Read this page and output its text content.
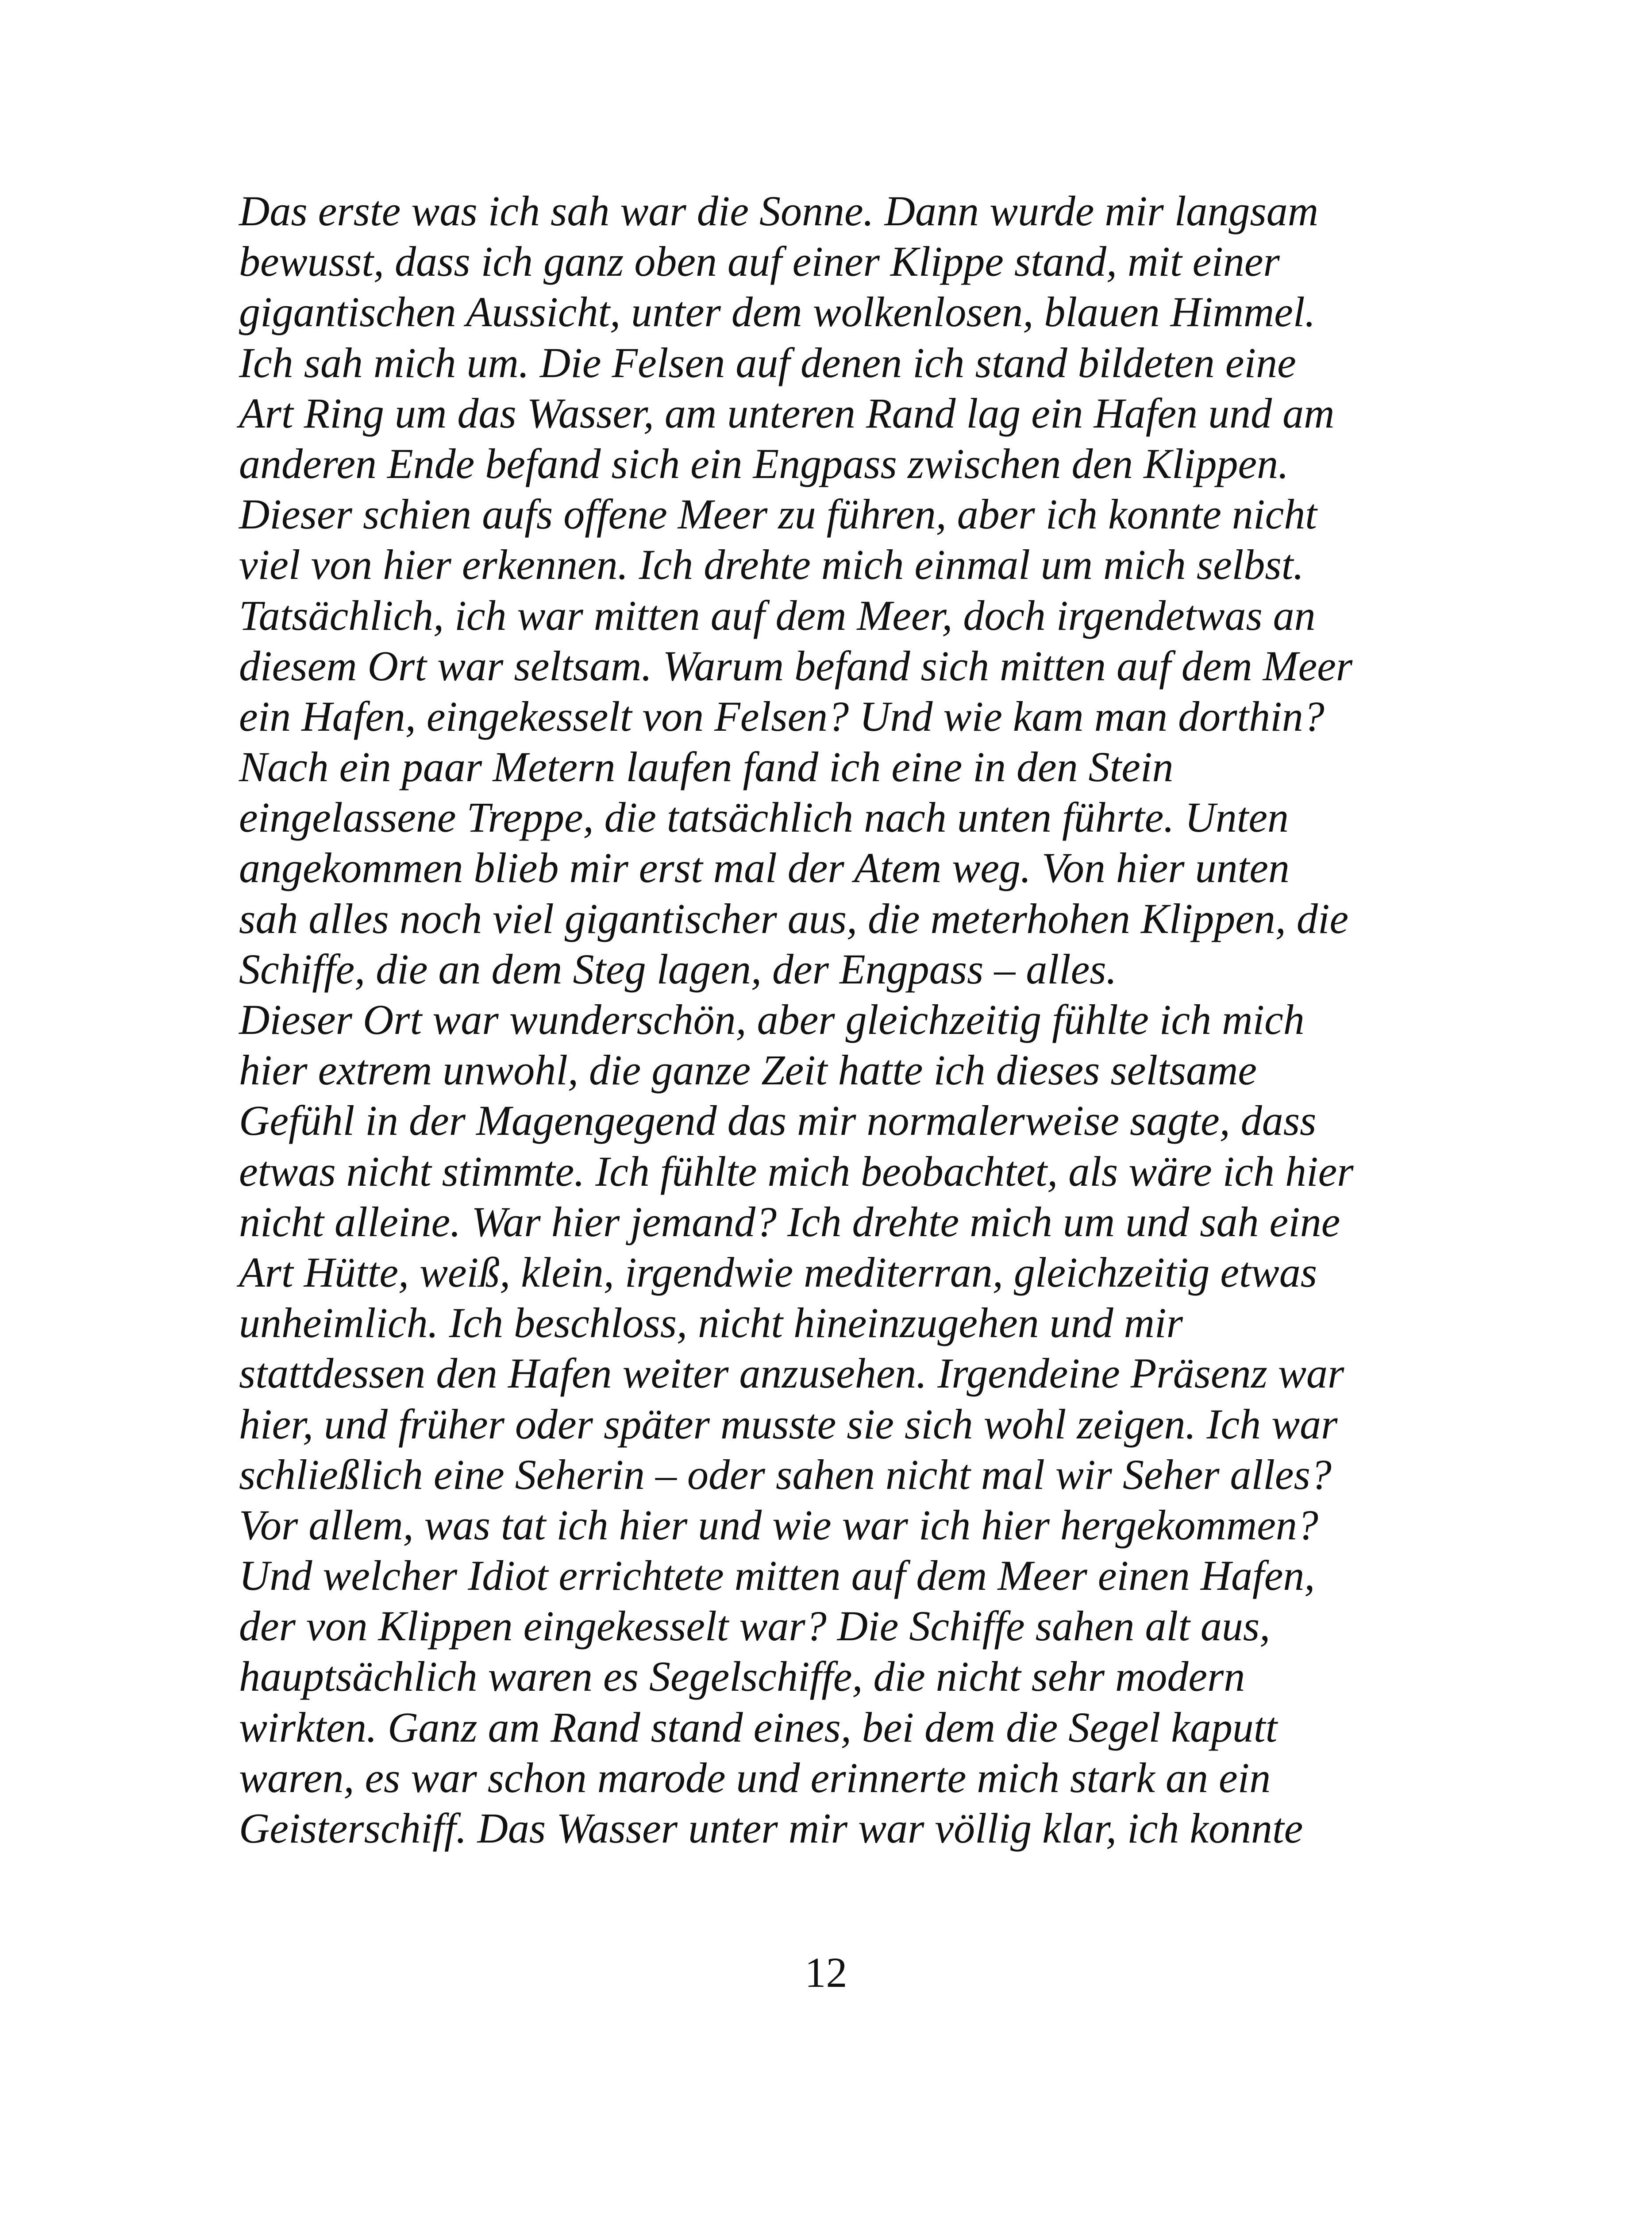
Das erste was ich sah war die Sonne. Dann wurde mir langsam
bewusst, dass ich ganz oben auf einer Klippe stand, mit einer
gigantischen Aussicht, unter dem wolkenlosen, blauen Himmel.
Ich sah mich um. Die Felsen auf denen ich stand bildeten eine
Art Ring um das Wasser, am unteren Rand lag ein Hafen und am
anderen Ende befand sich ein Engpass zwischen den Klippen.
Dieser schien aufs offene Meer zu führen, aber ich konnte nicht
viel von hier erkennen. Ich drehte mich einmal um mich selbst.
Tatsächlich, ich war mitten auf dem Meer, doch irgendetwas an
diesem Ort war seltsam. Warum befand sich mitten auf dem Meer
ein Hafen, eingekesselt von Felsen? Und wie kam man dorthin?
Nach ein paar Metern laufen fand ich eine in den Stein
eingelassene Treppe, die tatsächlich nach unten führte. Unten
angekommen blieb mir erst mal der Atem weg. Von hier unten
sah alles noch viel gigantischer aus, die meterhohen Klippen, die
Schiffe, die an dem Steg lagen, der Engpass – alles.
Dieser Ort war wunderschön, aber gleichzeitig fühlte ich mich
hier extrem unwohl, die ganze Zeit hatte ich dieses seltsame
Gefühl in der Magengegend das mir normalerweise sagte, dass
etwas nicht stimmte. Ich fühlte mich beobachtet, als wäre ich hier
nicht alleine. War hier jemand? Ich drehte mich um und sah eine
Art Hütte, weiß, klein, irgendwie mediterran, gleichzeitig etwas
unheimlich. Ich beschloss, nicht hineinzugehen und mir
stattdessen den Hafen weiter anzusehen. Irgendeine Präsenz war
hier, und früher oder später musste sie sich wohl zeigen. Ich war
schließlich eine Seherin – oder sahen nicht mal wir Seher alles?
Vor allem, was tat ich hier und wie war ich hier hergekommen?
Und welcher Idiot errichtete mitten auf dem Meer einen Hafen,
der von Klippen eingekesselt war? Die Schiffe sahen alt aus,
hauptsächlich waren es Segelschiffe, die nicht sehr modern
wirkten. Ganz am Rand stand eines, bei dem die Segel kaputt
waren, es war schon marode und erinnerte mich stark an ein
Geisterschiff. Das Wasser unter mir war völlig klar, ich konnte
12
